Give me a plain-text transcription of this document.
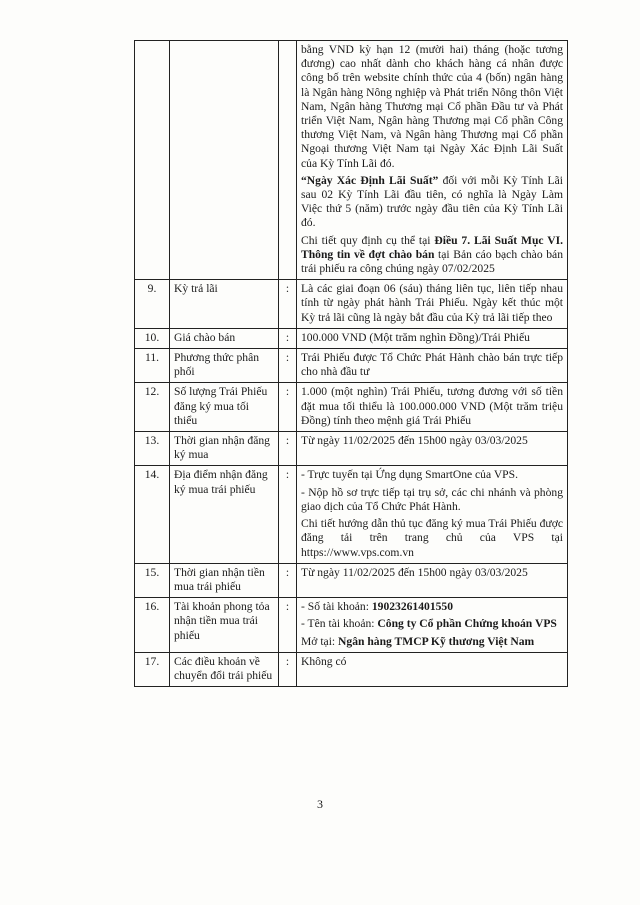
			bằng VND kỳ hạn 12 (mười hai) tháng (hoặc tương đương) cao nhất dành cho khách hàng cá nhân được công bố trên website chính thức của 4 (bốn) ngân hàng là Ngân hàng Nông nghiệp và Phát triển Nông thôn Việt Nam, Ngân hàng Thương mại Cổ phần Đầu tư và Phát triển Việt Nam, Ngân hàng Thương mại Cổ phần Công thương Việt Nam, và Ngân hàng Thương mại Cổ phần Ngoại thương Việt Nam tại Ngày Xác Định Lãi Suất của Kỳ Tính Lãi đó.

“Ngày Xác Định Lãi Suất” đối với mỗi Kỳ Tính Lãi sau 02 Kỳ Tính Lãi đầu tiên, có nghĩa là Ngày Làm Việc thứ 5 (năm) trước ngày đầu tiên của Kỳ Tính Lãi đó.

Chi tiết quy định cụ thể tại Điều 7. Lãi Suất Mục VI. Thông tin về đợt chào bán tại Bản cáo bạch chào bán trái phiếu ra công chúng ngày 07/02/2025

9.	Kỳ trả lãi	:	Là các giai đoạn 06 (sáu) tháng liên tục, liên tiếp nhau tính từ ngày phát hành Trái Phiếu. Ngày kết thúc một Kỳ trả lãi cũng là ngày bắt đầu của Kỳ trả lãi tiếp theo
10.	Giá chào bán	:	100.000 VND (Một trăm nghìn Đồng)/Trái Phiếu
11.	Phương thức phân phối	:	Trái Phiếu được Tổ Chức Phát Hành chào bán trực tiếp cho nhà đầu tư
12.	Số lượng Trái Phiếu đăng ký mua tối thiểu	:	1.000 (một nghìn) Trái Phiếu, tương đương với số tiền đặt mua tối thiểu là 100.000.000 VND (Một trăm triệu Đồng) tính theo mệnh giá Trái Phiếu
13.	Thời gian nhận đăng ký mua	:	Từ ngày 11/02/2025 đến 15h00 ngày 03/03/2025
14.	Địa điểm nhận đăng ký mua trái phiếu	:	- Trực tuyến tại Ứng dụng SmartOne của VPS.

- Nộp hồ sơ trực tiếp tại trụ sở, các chi nhánh và phòng giao dịch của Tổ Chức Phát Hành.

Chi tiết hướng dẫn thủ tục đăng ký mua Trái Phiếu được đăng tải trên trang chủ của VPS tại https://www.vps.com.vn

15.	Thời gian nhận tiền mua trái phiếu	:	Từ ngày 11/02/2025 đến 15h00 ngày 03/03/2025
16.	Tài khoản phong tỏa nhận tiền mua trái phiếu	:	- Số tài khoản: 19023261401550

- Tên tài khoản: Công ty Cổ phần Chứng khoán VPS

Mở tại: Ngân hàng TMCP Kỹ thương Việt Nam

17.	Các điều khoản về chuyển đổi trái phiếu	:	Không có
3
